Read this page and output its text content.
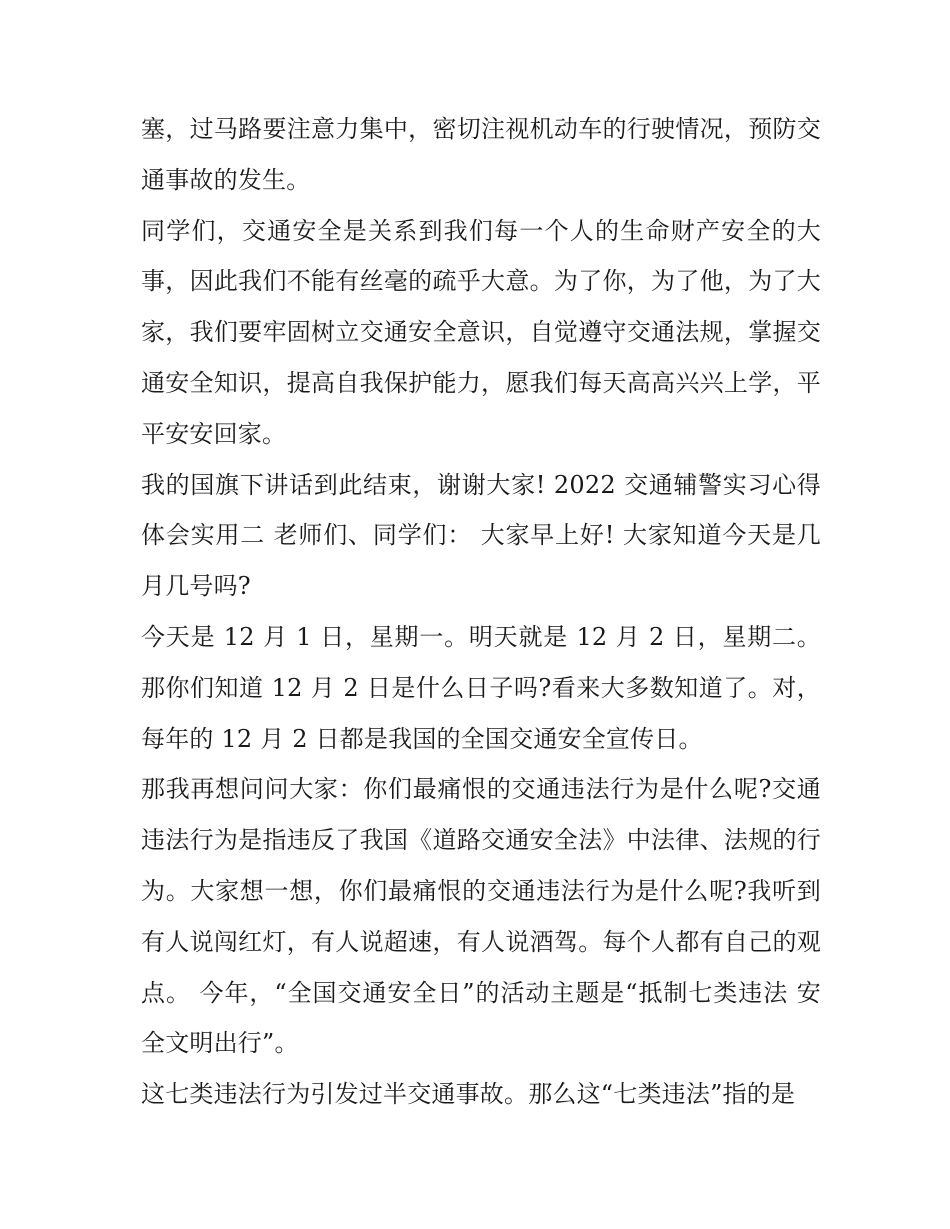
塞，过马路要注意力集中，密切注视机动车的行驶情况，预防交通事故的发生。

同学们，交通安全是关系到我们每一个人的生命财产安全的大事，因此我们不能有丝毫的疏乎大意。为了你，为了他，为了大家，我们要牢固树立交通安全意识，自觉遵守交通法规，掌握交通安全知识，提高自我保护能力，愿我们每天高高兴兴上学，平平安安回家。

我的国旗下讲话到此结束，谢谢大家! 2022 交通辅警实习心得体会实用二 老师们、同学们： 大家早上好! 大家知道今天是几月几号吗?

今天是 12 月 1 日，星期一。明天就是 12 月 2 日，星期二。那你们知道 12 月 2 日是什么日子吗?看来大多数知道了。对，每年的 12 月 2 日都是我国的全国交通安全宣传日。

那我再想问问大家：你们最痛恨的交通违法行为是什么呢?交通违法行为是指违反了我国《道路交通安全法》中法律、法规的行为。大家想一想，你们最痛恨的交通违法行为是什么呢?我听到有人说闯红灯，有人说超速，有人说酒驾。每个人都有自己的观点。 今年，“全国交通安全日”的活动主题是“抵制七类违法 安全文明出行”。

这七类违法行为引发过半交通事故。那么这“七类违法”指的是
